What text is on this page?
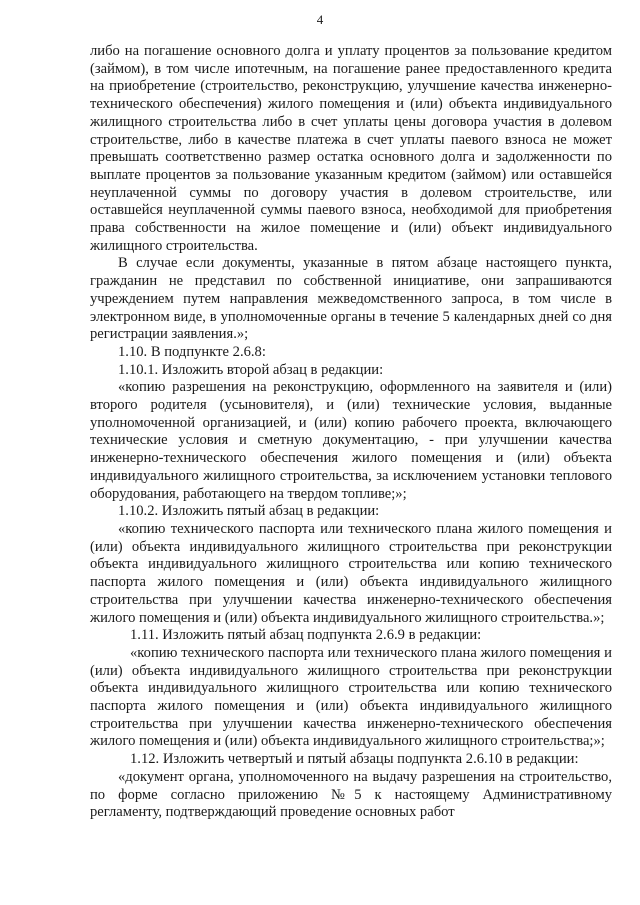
4

либо на погашение основного долга и уплату процентов за пользование кредитом (займом), в том числе ипотечным, на погашение ранее предоставленного кредита на приобретение (строительство, реконструкцию, улучшение качества инженерно-технического обеспечения) жилого помещения и (или) объекта индивидуального жилищного строительства либо в счет уплаты цены договора участия в долевом строительстве, либо в качестве платежа в счет уплаты паевого взноса не может превышать соответственно размер остатка основного долга и задолженности по выплате процентов за пользование указанным кредитом (займом) или оставшейся неуплаченной суммы по договору участия в долевом строительстве, или оставшейся неуплаченной суммы паевого взноса, необходимой для приобретения права собственности на жилое помещение и (или) объект индивидуального жилищного строительства.

В случае если документы, указанные в пятом абзаце настоящего пункта, гражданин не представил по собственной инициативе, они запрашиваются учреждением путем направления межведомственного запроса, в том числе в электронном виде, в уполномоченные органы в течение 5 календарных дней со дня регистрации заявления.»;

1.10. В подпункте 2.6.8:

1.10.1. Изложить второй абзац в редакции:

«копию разрешения на реконструкцию, оформленного на заявителя и (или) второго родителя (усыновителя), и (или) технические условия, выданные уполномоченной организацией, и (или) копию рабочего проекта, включающего технические условия и сметную документацию, - при улучшении качества инженерно-технического обеспечения жилого помещения и (или) объекта индивидуального жилищного строительства, за исключением установки теплового оборудования, работающего на твердом топливе;»;

1.10.2. Изложить пятый абзац в редакции:

«копию технического паспорта или технического плана жилого помещения и (или) объекта индивидуального жилищного строительства при реконструкции объекта индивидуального жилищного строительства или копию технического паспорта жилого помещения и (или) объекта индивидуального жилищного строительства при улучшении качества инженерно-технического обеспечения жилого помещения и (или) объекта индивидуального жилищного строительства.»;

1.11. Изложить пятый абзац подпункта 2.6.9 в редакции:

«копию технического паспорта или технического плана жилого помещения и (или) объекта индивидуального жилищного строительства при реконструкции объекта индивидуального жилищного строительства или копию технического паспорта жилого помещения и (или) объекта индивидуального жилищного строительства при улучшении качества инженерно-технического обеспечения жилого помещения и (или) объекта индивидуального жилищного строительства;»;

1.12. Изложить четвертый и пятый абзацы подпункта 2.6.10 в редакции:

«документ органа, уполномоченного на выдачу разрешения на строительство, по форме согласно приложению №5 к настоящему Административному регламенту, подтверждающий проведение основных работ
